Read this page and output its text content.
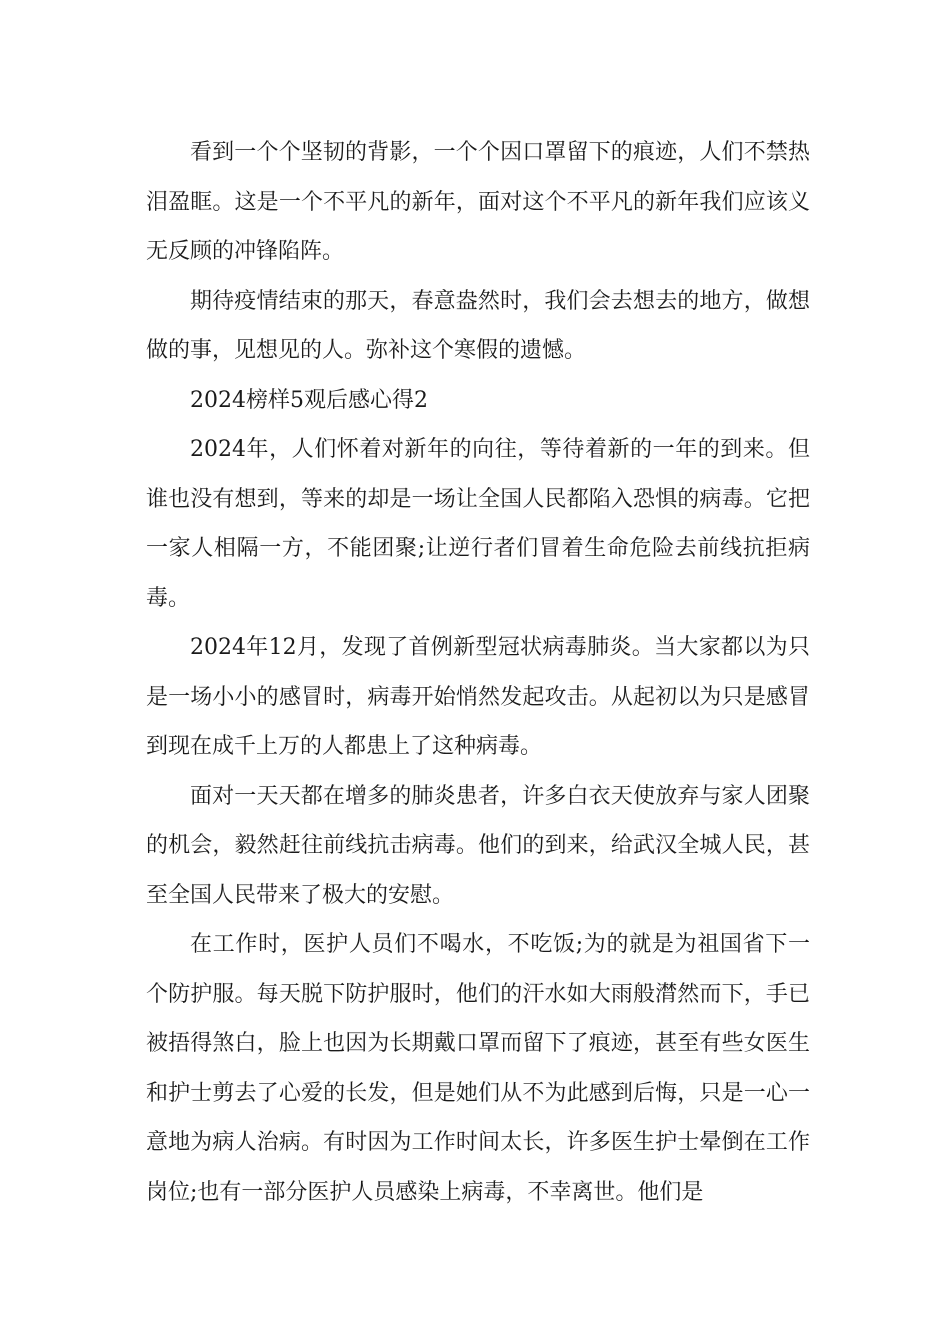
看到一个个坚韧的背影，一个个因口罩留下的痕迹，人们不禁热泪盈眶。这是一个不平凡的新年，面对这个不平凡的新年我们应该义无反顾的冲锋陷阵。

期待疫情结束的那天，春意盎然时，我们会去想去的地方，做想做的事，见想见的人。弥补这个寒假的遗憾。

2024榜样5观后感心得2

2024年，人们怀着对新年的向往，等待着新的一年的到来。但谁也没有想到，等来的却是一场让全国人民都陷入恐惧的病毒。它把一家人相隔一方，不能团聚;让逆行者们冒着生命危险去前线抗拒病毒。

2024年12月，发现了首例新型冠状病毒肺炎。当大家都以为只是一场小小的感冒时，病毒开始悄然发起攻击。从起初以为只是感冒到现在成千上万的人都患上了这种病毒。

面对一天天都在增多的肺炎患者，许多白衣天使放弃与家人团聚的机会，毅然赶往前线抗击病毒。他们的到来，给武汉全城人民，甚至全国人民带来了极大的安慰。

在工作时，医护人员们不喝水，不吃饭;为的就是为祖国省下一个防护服。每天脱下防护服时，他们的汗水如大雨般潸然而下，手已被捂得煞白，脸上也因为长期戴口罩而留下了痕迹，甚至有些女医生和护士剪去了心爱的长发，但是她们从不为此感到后悔，只是一心一意地为病人治病。有时因为工作时间太长，许多医生护士晕倒在工作岗位;也有一部分医护人员感染上病毒，不幸离世。他们是
